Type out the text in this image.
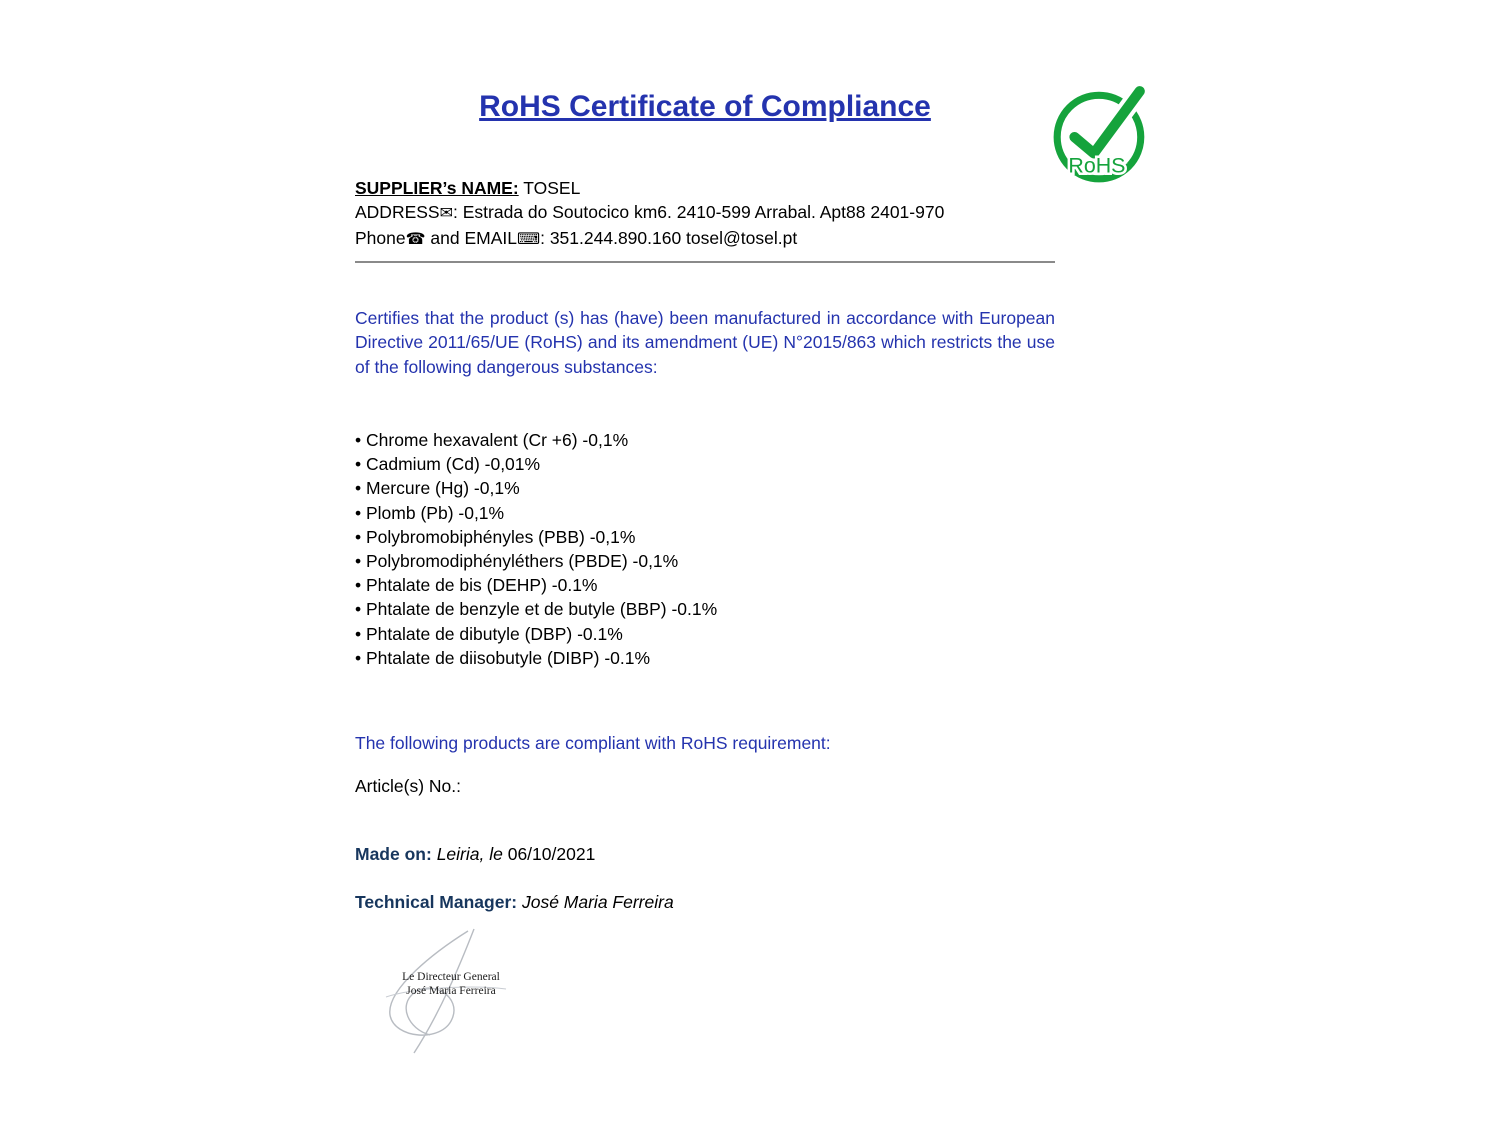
RoHS Certificate of Compliance
RoHS
SUPPLIER’s NAME: TOSEL
ADDRESS✉: Estrada do Soutocico km6. 2410-599 Arrabal. Apt88 2401-970
Phone☎ and EMAIL⌨: 351.244.890.160 tosel@tosel.pt

Certifies that the product (s) has (have) been manufactured in accordance with European Directive 2011/65/UE (RoHS) and its amendment (UE) N°2015/863 which restricts the use of the following dangerous substances:

• Chrome hexavalent (Cr +6) -0,1%
• Cadmium (Cd) -0,01%
• Mercure (Hg) -0,1%
• Plomb (Pb) -0,1%
• Polybromobiphényles (PBB) -0,1%
• Polybromodiphényléthers (PBDE) -0,1%
• Phtalate de bis (DEHP) -0.1%
• Phtalate de benzyle et de butyle (BBP) -0.1%
• Phtalate de dibutyle (DBP) -0.1%
• Phtalate de diisobutyle (DIBP) -0.1%

The following products are compliant with RoHS requirement:

Article(s) No.:

Made on: Leiria, le 06/10/2021

Technical Manager: José Maria Ferreira

Le Directeur General
José Maria Ferreira
